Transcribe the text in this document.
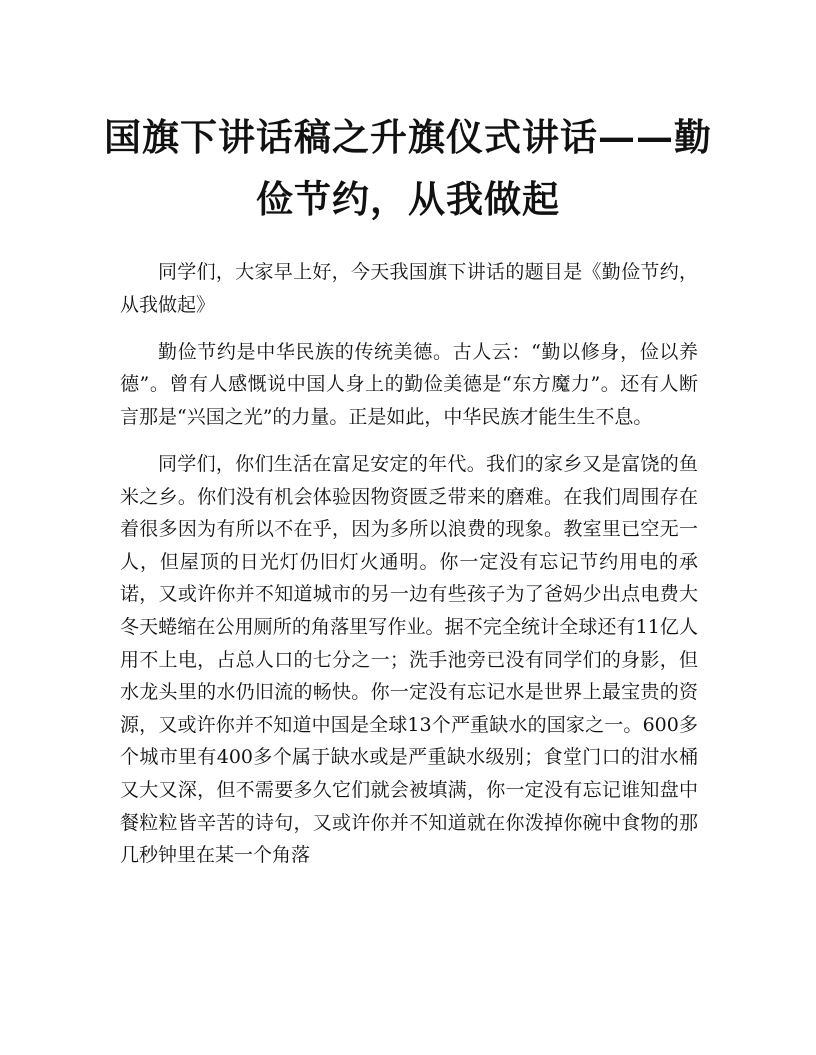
国旗下讲话稿之升旗仪式讲话——勤俭节约，从我做起

同学们，大家早上好，今天我国旗下讲话的题目是《勤俭节约，从我做起》

勤俭节约是中华民族的传统美德。古人云：“勤以修身，俭以养德”。曾有人感慨说中国人身上的勤俭美德是“东方魔力”。还有人断言那是“兴国之光”的力量。正是如此，中华民族才能生生不息。

同学们，你们生活在富足安定的年代。我们的家乡又是富饶的鱼米之乡。你们没有机会体验因物资匮乏带来的磨难。在我们周围存在着很多因为有所以不在乎，因为多所以浪费的现象。教室里已空无一人，但屋顶的日光灯仍旧灯火通明。你一定没有忘记节约用电的承诺，又或许你并不知道城市的另一边有些孩子为了爸妈少出点电费大冬天蜷缩在公用厕所的角落里写作业。据不完全统计全球还有11亿人用不上电，占总人口的七分之一；洗手池旁已没有同学们的身影，但水龙头里的水仍旧流的畅快。你一定没有忘记水是世界上最宝贵的资源，又或许你并不知道中国是全球13个严重缺水的国家之一。600多个城市里有400多个属于缺水或是严重缺水级别；食堂门口的泔水桶又大又深，但不需要多久它们就会被填满，你一定没有忘记谁知盘中餐粒粒皆辛苦的诗句，又或许你并不知道就在你泼掉你碗中食物的那几秒钟里在某一个角落
